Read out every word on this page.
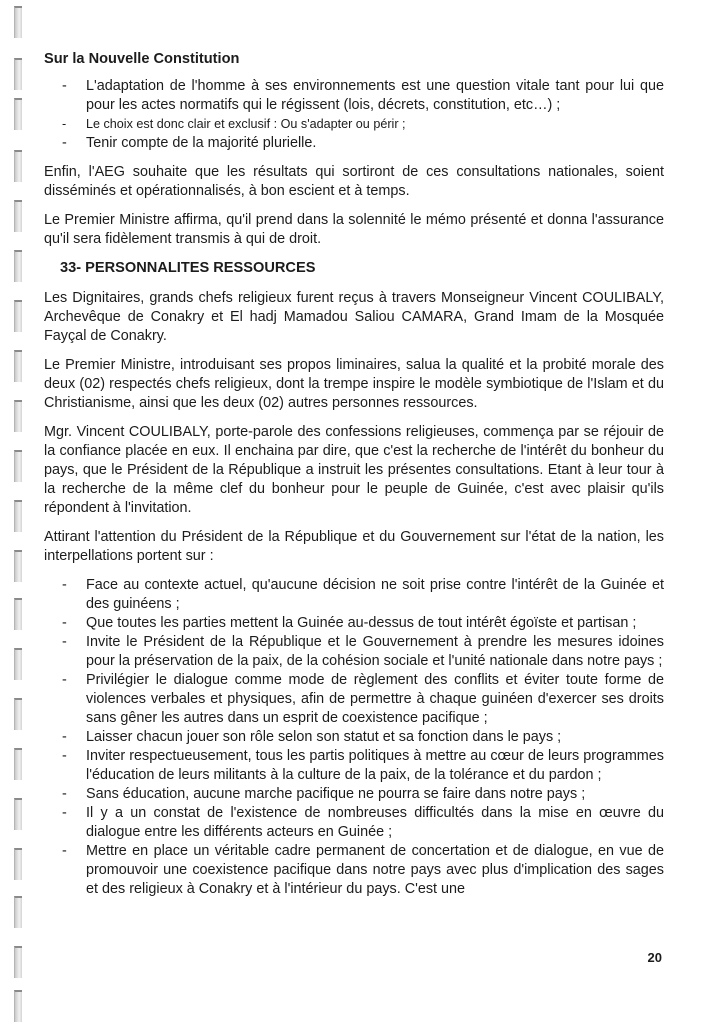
Sur la Nouvelle Constitution
- L'adaptation de l'homme à ses environnements est une question vitale tant pour lui que pour les actes normatifs qui le régissent (lois, décrets, constitution, etc…) ;
- Le choix est donc clair et exclusif : Ou s'adapter ou périr ;
- Tenir compte de la majorité plurielle.

Enfin, l'AEG souhaite que les résultats qui sortiront de ces consultations nationales, soient disséminés et opérationnalisés, à bon escient et à temps.

Le Premier Ministre affirma, qu'il prend dans la solennité le mémo présenté et donna l'assurance qu'il sera fidèlement transmis à qui de droit.

33- PERSONNALITES RESSOURCES

Les Dignitaires, grands chefs religieux furent reçus à travers Monseigneur Vincent COULIBALY, Archevêque de Conakry et El hadj Mamadou Saliou CAMARA, Grand Imam de la Mosquée Fayçal de Conakry.

Le Premier Ministre, introduisant ses propos liminaires, salua la qualité et la probité morale des deux (02) respectés chefs religieux, dont la trempe inspire le modèle symbiotique de l'Islam et du Christianisme, ainsi que les deux (02) autres personnes ressources.

Mgr. Vincent COULIBALY, porte-parole des confessions religieuses, commença par se réjouir de la confiance placée en eux. Il enchaina par dire, que c'est la recherche de l'intérêt du bonheur du pays, que le Président de la République a instruit les présentes consultations. Etant à leur tour à la recherche de la même clef du bonheur pour le peuple de Guinée, c'est avec plaisir qu'ils répondent à l'invitation.

Attirant l'attention du Président de la République et du Gouvernement sur l'état de la nation, les interpellations portent sur :

- Face au contexte actuel, qu'aucune décision ne soit prise contre l'intérêt de la Guinée et des guinéens ;
- Que toutes les parties mettent la Guinée au-dessus de tout intérêt égoïste et partisan ;
- Invite le Président de la République et le Gouvernement à prendre les mesures idoines pour la préservation de la paix, de la cohésion sociale et l'unité nationale dans notre pays ;
- Privilégier le dialogue comme mode de règlement des conflits et éviter toute forme de violences verbales et physiques, afin de permettre à chaque guinéen d'exercer ses droits sans gêner les autres dans un esprit de coexistence pacifique ;
- Laisser chacun jouer son rôle selon son statut et sa fonction dans le pays ;
- Inviter respectueusement, tous les partis politiques à mettre au cœur de leurs programmes l'éducation de leurs militants à la culture de la paix, de la tolérance et du pardon ;
- Sans éducation, aucune marche pacifique ne pourra se faire dans notre pays ;
- Il y a un constat de l'existence de nombreuses difficultés dans la mise en œuvre du dialogue entre les différents acteurs en Guinée ;
- Mettre en place un véritable cadre permanent de concertation et de dialogue, en vue de promouvoir une coexistence pacifique dans notre pays avec plus d'implication des sages et des religieux à Conakry et à l'intérieur du pays. C'est une
20
